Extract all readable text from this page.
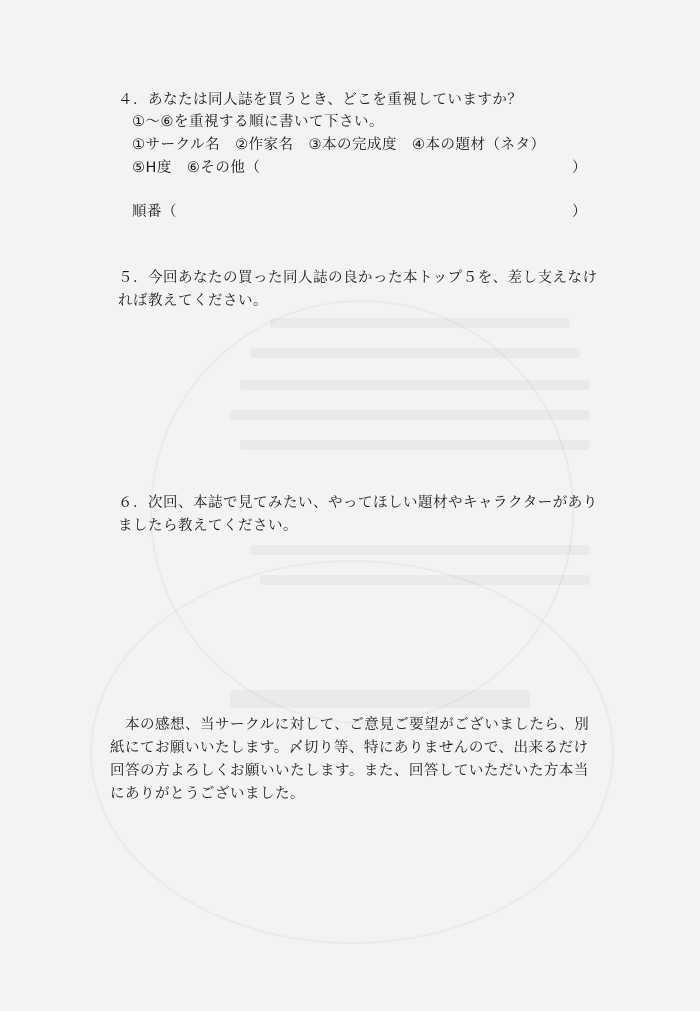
４．あなたは同人誌を買うとき、どこを重視していますか？
①～⑥を重視する順に書いて下さい。
①サークル名　②作家名　③本の完成度　④本の題材（ネタ）
⑤H度　⑥その他（	）
順番（	）
５．今回あなたの買った同人誌の良かった本トップ５を、差し支えなけ
れば教えてください。
６．次回、本誌で見てみたい、やってほしい題材やキャラクターがあり
ましたら教えてください。
　本の感想、当サークルに対して、ご意見ご要望がございましたら、別
紙にてお願いいたします。〆切り等、特にありませんので、出来るだけ
回答の方よろしくお願いいたします。また、回答していただいた方本当
にありがとうございました。
